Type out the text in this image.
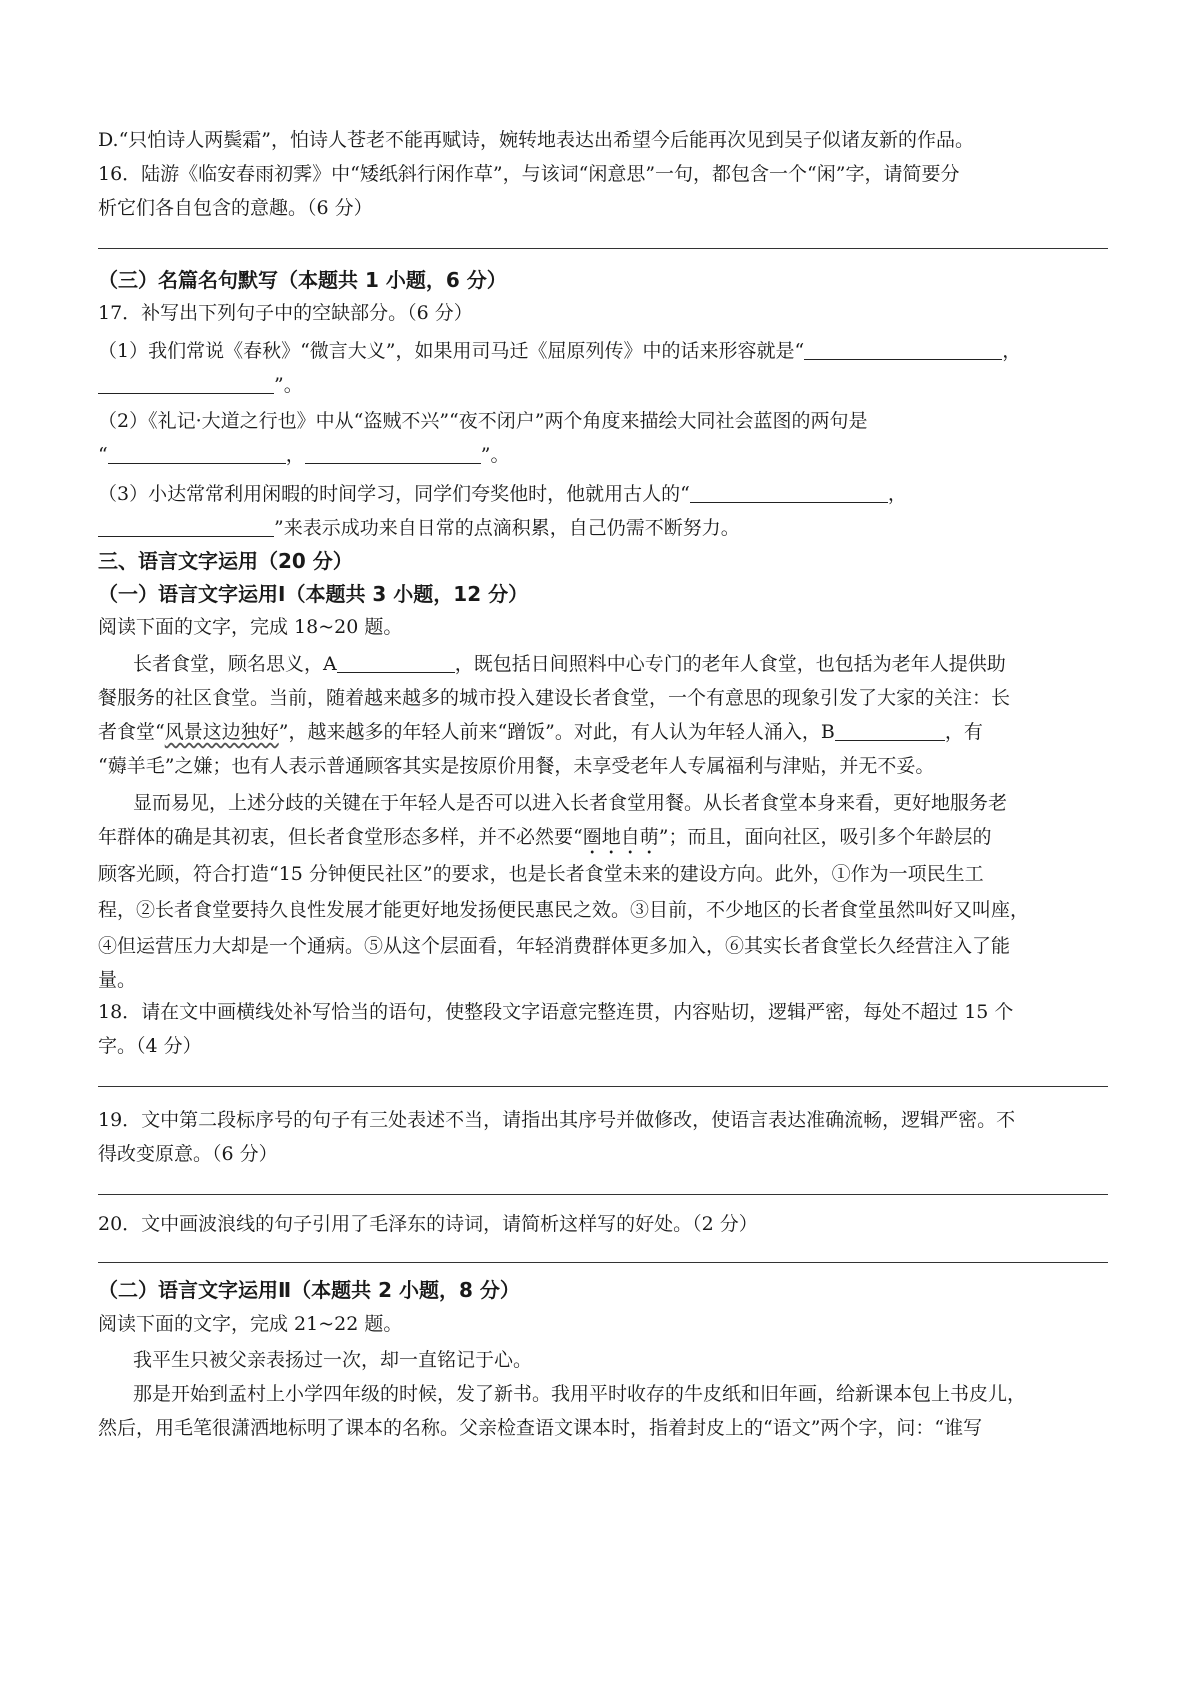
D.“只怕诗人两鬓霜”，怕诗人苍老不能再赋诗，婉转地表达出希望今后能再次见到吴子似诸友新的作品。
16．陆游《临安春雨初霁》中“矮纸斜行闲作草”，与该词“闲意思”一句，都包含一个“闲”字，请简要分
析它们各自包含的意趣。（6 分）
（三）名篇名句默写（本题共 1 小题，6 分）
17．补写出下列句子中的空缺部分。（6 分）
（1）我们常说《春秋》“微言大义”，如果用司马迁《屈原列传》中的话来形容就是“	，
”。
（2）《礼记·大道之行也》中从“盗贼不兴”“夜不闭户”两个角度来描绘大同社会蓝图的两句是
“	，	”。
（3）小达常常利用闲暇的时间学习，同学们夸奖他时，他就用古人的“	，
”来表示成功来自日常的点滴积累，自己仍需不断努力。
三、语言文字运用（20 分）
（一）语言文字运用Ⅰ（本题共 3 小题，12 分）
阅读下面的文字，完成 18~20 题。
长者食堂，顾名思义，A	，既包括日间照料中心专门的老年人食堂，也包括为老年人提供助
餐服务的社区食堂。当前，随着越来越多的城市投入建设长者食堂，一个有意思的现象引发了大家的关注：长
者食堂“风景这边独好”，越来越多的年轻人前来“蹭饭”。对此，有人认为年轻人涌入，B	，有
“薅羊毛”之嫌；也有人表示普通顾客其实是按原价用餐，未享受老年人专属福利与津贴，并无不妥。
显而易见，上述分歧的关键在于年轻人是否可以进入长者食堂用餐。从长者食堂本身来看，更好地服务老
年群体的确是其初衷，但长者食堂形态多样，并不必然要“圈地自萌”；而且，面向社区，吸引多个年龄层的
顾客光顾，符合打造“15 分钟便民社区”的要求，也是长者食堂未来的建设方向。此外，①作为一项民生工
程，②长者食堂要持久良性发展才能更好地发扬便民惠民之效。③目前，不少地区的长者食堂虽然叫好又叫座，
④但运营压力大却是一个通病。⑤从这个层面看，年轻消费群体更多加入，⑥其实长者食堂长久经营注入了能
量。
18．请在文中画横线处补写恰当的语句，使整段文字语意完整连贯，内容贴切，逻辑严密，每处不超过 15 个
字。（4 分）
19．文中第二段标序号的句子有三处表述不当，请指出其序号并做修改，使语言表达准确流畅，逻辑严密。不
得改变原意。（6 分）
20．文中画波浪线的句子引用了毛泽东的诗词，请简析这样写的好处。（2 分）
（二）语言文字运用Ⅱ（本题共 2 小题，8 分）
阅读下面的文字，完成 21~22 题。
我平生只被父亲表扬过一次，却一直铭记于心。
那是开始到孟村上小学四年级的时候，发了新书。我用平时收存的牛皮纸和旧年画，给新课本包上书皮儿，
然后，用毛笔很潇洒地标明了课本的名称。父亲检查语文课本时，指着封皮上的“语文”两个字，问：“谁写
